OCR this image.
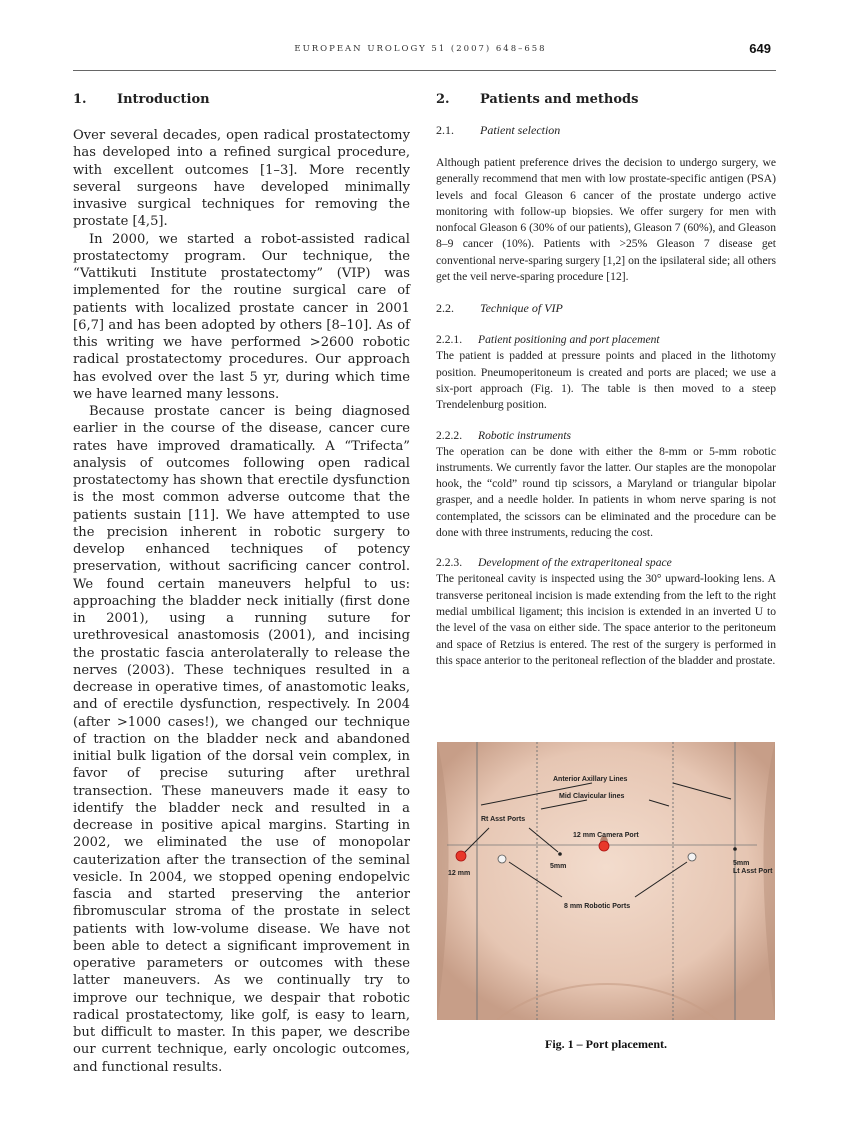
EUROPEAN UROLOGY 51 (2007) 648–658	649
1. Introduction

Over several decades, open radical prostatectomy has developed into a refined surgical procedure, with excellent outcomes [1–3]. More recently several surgeons have developed minimally invasive surgical techniques for removing the prostate [4,5].

In 2000, we started a robot-assisted radical prostatectomy program. Our technique, the “Vattikuti Institute prostatectomy” (VIP) was implemented for the routine surgical care of patients with localized prostate cancer in 2001 [6,7] and has been adopted by others [8–10]. As of this writing we have performed >2600 robotic radical prostatectomy procedures. Our approach has evolved over the last 5 yr, during which time we have learned many lessons.

Because prostate cancer is being diagnosed earlier in the course of the disease, cancer cure rates have improved dramatically. A “Trifecta” analysis of outcomes following open radical prostatectomy has shown that erectile dysfunction is the most common adverse outcome that the patients sustain [11]. We have attempted to use the precision inherent in robotic surgery to develop enhanced techniques of potency preservation, without sacrificing cancer control. We found certain maneuvers helpful to us: approaching the bladder neck initially (first done in 2001), using a running suture for urethrovesical anastomosis (2001), and incising the prostatic fascia anterolaterally to release the nerves (2003). These techniques resulted in a decrease in operative times, of anastomotic leaks, and of erectile dysfunction, respectively. In 2004 (after >1000 cases!), we changed our technique of traction on the bladder neck and abandoned initial bulk ligation of the dorsal vein complex, in favor of precise suturing after urethral transection. These maneuvers made it easy to identify the bladder neck and resulted in a decrease in positive apical margins. Starting in 2002, we eliminated the use of monopolar cauterization after the transection of the seminal vesicle. In 2004, we stopped opening endopelvic fascia and started preserving the anterior fibromuscular stroma of the prostate in select patients with low-volume disease. We have not been able to detect a significant improvement in operative parameters or outcomes with these latter maneuvers. As we continually try to improve our technique, we despair that robotic radical prostatectomy, like golf, is easy to learn, but difficult to master. In this paper, we describe our current technique, early oncologic outcomes, and functional results.

2. Patients and methods
2.1. Patient selection

Although patient preference drives the decision to undergo surgery, we generally recommend that men with low prostate-specific antigen (PSA) levels and focal Gleason 6 cancer of the prostate undergo active monitoring with follow-up biopsies. We offer surgery for men with nonfocal Gleason 6 (30% of our patients), Gleason 7 (60%), and Gleason 8–9 cancer (10%). Patients with >25% Gleason 7 disease get conventional nerve-sparing surgery [1,2] on the ipsilateral side; all others get the veil nerve-sparing procedure [12].

2.2. Technique of VIP
2.2.1. Patient positioning and port placement

The patient is padded at pressure points and placed in the lithotomy position. Pneumoperitoneum is created and ports are placed; we use a six-port approach (Fig. 1). The table is then moved to a steep Trendelenburg position.

2.2.2. Robotic instruments

The operation can be done with either the 8-mm or 5-mm robotic instruments. We currently favor the latter. Our staples are the monopolar hook, the “cold” round tip scissors, a Maryland or triangular bipolar grasper, and a needle holder. In patients in whom nerve sparing is not contemplated, the scissors can be eliminated and the procedure can be done with three instruments, reducing the cost.

2.2.3. Development of the extraperitoneal space

The peritoneal cavity is inspected using the 30° upward-looking lens. A transverse peritoneal incision is made extending from the left to the right medial umbilical ligament; this incision is extended in an inverted U to the level of the vasa on either side. The space anterior to the peritoneum and space of Retzius is entered. The rest of the surgery is performed in this space anterior to the peritoneal reflection of the bladder and prostate.

Anterior Axillary Lines
Mid Clavicular lines
Rt Asst Ports
12 mm Camera Port
12 mm
5mm	5mm
Lt Asst Port
8 mm Robotic Ports
Fig. 1 – Port placement.
